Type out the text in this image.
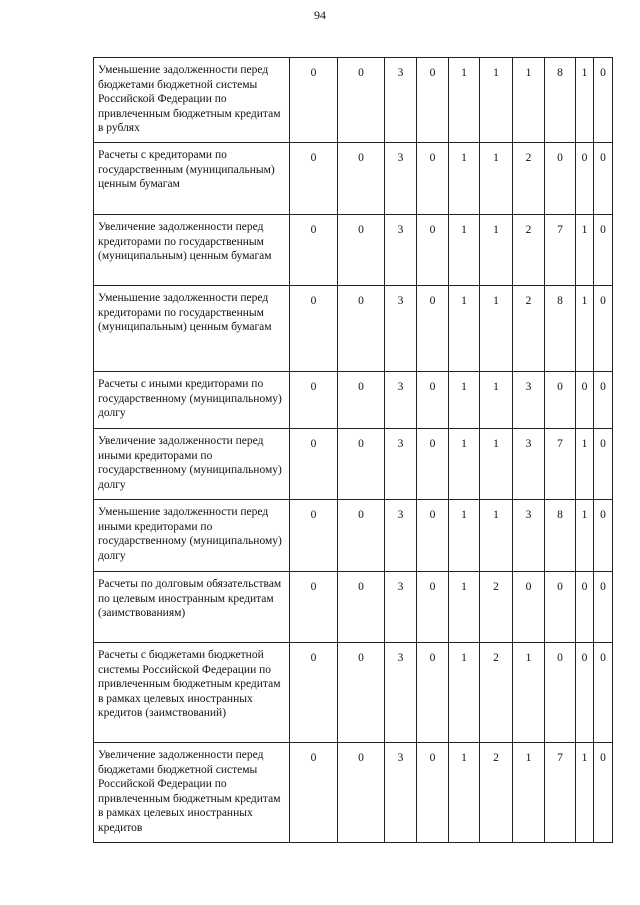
94
Уменьшение задолженности перед бюджетами бюджетной системы Российской Федерации по привлеченным бюджетным кредитам в рублях	0	0	3	0	1	1	1	8	1	0
Расчеты с кредиторами по государственным (муниципальным) ценным бумагам	0	0	3	0	1	1	2	0	0	0
Увеличение задолженности перед кредиторами по государственным (муниципальным) ценным бумагам	0	0	3	0	1	1	2	7	1	0
Уменьшение задолженности перед кредиторами по государственным (муниципальным) ценным бумагам	0	0	3	0	1	1	2	8	1	0
Расчеты с иными кредиторами по государственному (муниципальному) долгу	0	0	3	0	1	1	3	0	0	0
Увеличение задолженности перед иными кредиторами по государственному (муниципальному) долгу	0	0	3	0	1	1	3	7	1	0
Уменьшение задолженности перед иными кредиторами по государственному (муниципальному) долгу	0	0	3	0	1	1	3	8	1	0
Расчеты по долговым обязательствам по целевым иностранным кредитам (заимствованиям)	0	0	3	0	1	2	0	0	0	0
Расчеты с бюджетами бюджетной системы Российской Федерации по привлеченным бюджетным кредитам в рамках целевых иностранных кредитов (заимствований)	0	0	3	0	1	2	1	0	0	0
Увеличение задолженности перед бюджетами бюджетной системы Российской Федерации по привлеченным бюджетным кредитам в рамках целевых иностранных кредитов	0	0	3	0	1	2	1	7	1	0
